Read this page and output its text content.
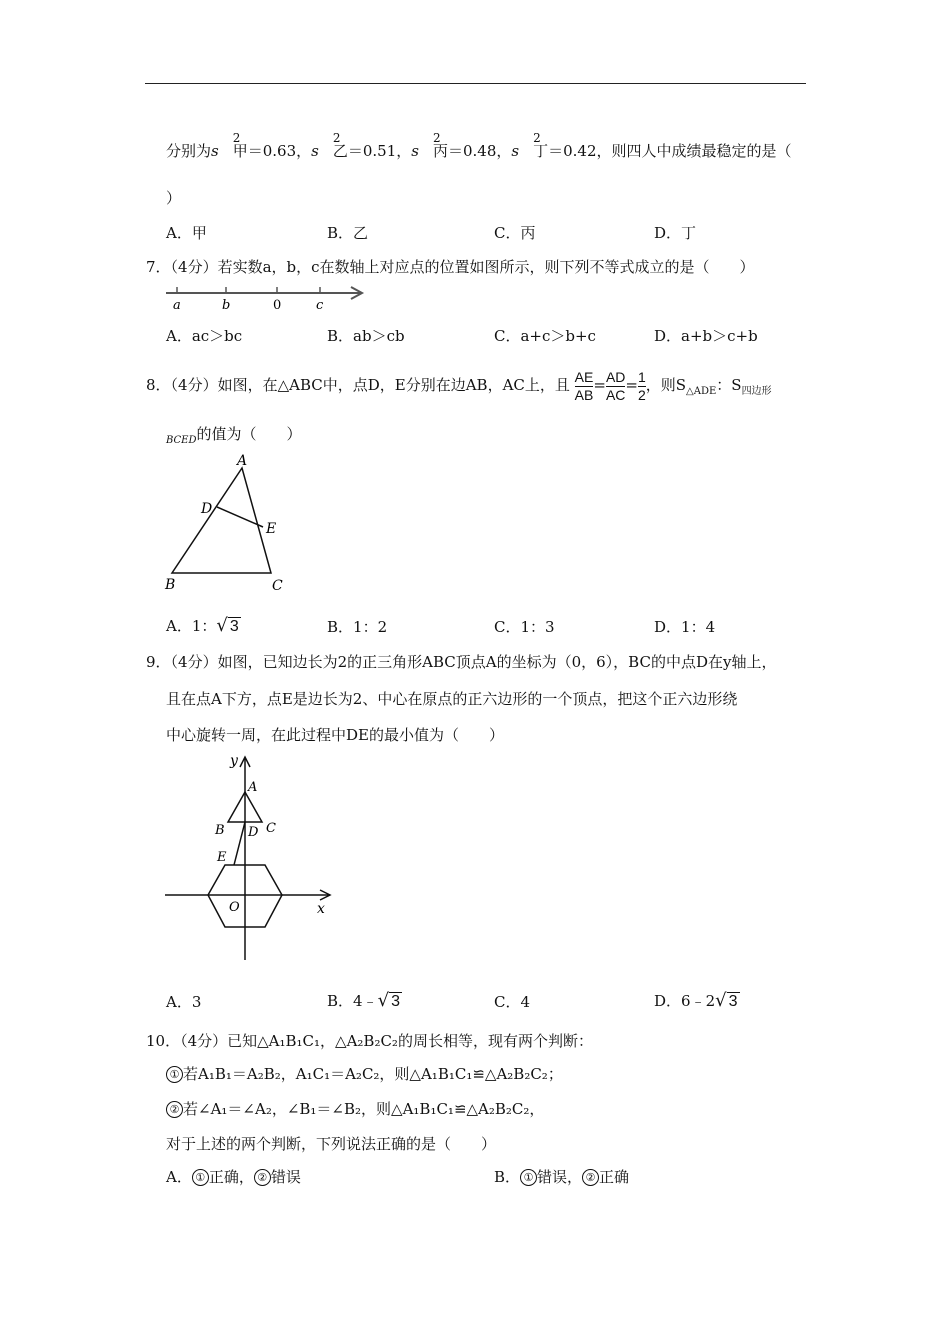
分别为s
2
甲＝0.63，s
2
乙＝0.51，s
2
丙＝0.48，s
2
丁＝0.42，则四人中成绩最稳定的是（
）
A．甲	B．乙	C．丙	D．丁
7．（4分）若实数a，b，c在数轴上对应点的位置如图所示，则下列不等式成立的是（　　）
a	b	0	c
A．ac＞bc	B．ab＞cb	C．a+c＞b+c	D．a+b＞c+b
8．（4分）如图，在△ABC中，点D，E分别在边AB，AC上，且 $\frac{AE}{AB} = \frac{AD}{AC} = \frac{1}{2}$ ，则$S_{\triangle ADE}$：$S_{四边形}$
$_{BCED}$的值为（　　）
A
D
E
B	C
A．1：√ 3	B．1：2	C．1：3	D．1：4
9．（4分）如图，已知边长为2的正三角形ABC顶点A的坐标为（0，6），BC的中点D在y轴上，
且在点A下方，点E是边长为2、中心在原点的正六边形的一个顶点，把这个正六边形绕
中心旋转一周，在此过程中DE的最小值为（　　）
y
A
B D C
E
O	x
A．3	B．4﹣√ 3	C．4	D．6﹣2√ 3
10．（4分）已知△A₁B₁C₁，△A₂B₂C₂的周长相等，现有两个判断：
① 若A₁B₁＝A₂B₂，A₁C₁＝A₂C₂，则△A₁B₁C₁≌△A₂B₂C₂；
② 若∠A₁＝∠A₂，∠B₁＝∠B₂，则△A₁B₁C₁≌△A₂B₂C₂，
对于上述的两个判断，下列说法正确的是（　　）
A． ① 正确， ② 错误	B． ① 错误， ② 正确
